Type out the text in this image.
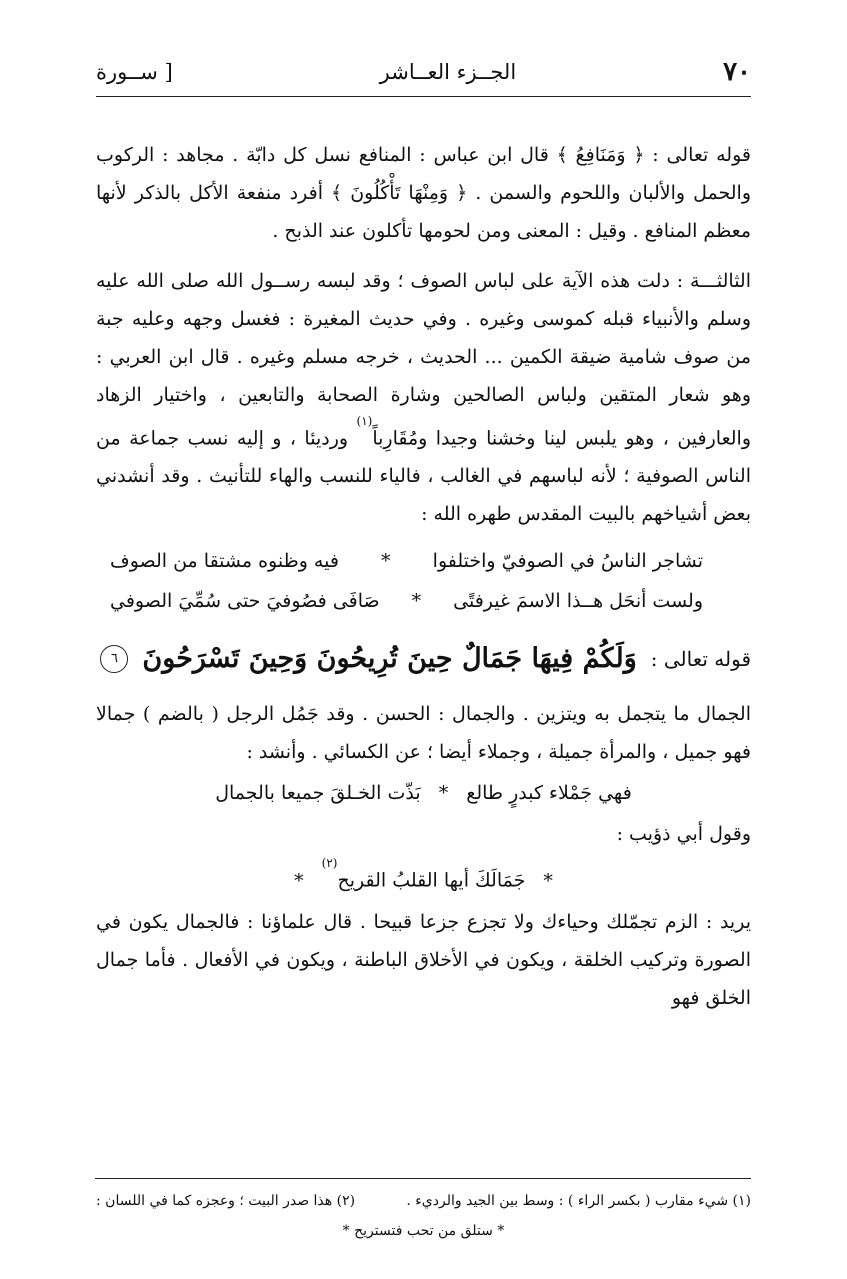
٧٠
الجــزء العــاشر
[ ســورة

قوله تعالى : ﴿ وَمَنَافِعُ ﴾ قال ابن عباس : المنافع نسل كل دابّة . مجاهد : الركوب والحمل والألبان واللحوم والسمن . ﴿ وَمِنْهَا تَأْكُلُونَ ﴾ أفرد منفعة الأكل بالذكر لأنها معظم المنافع . وقيل : المعنى ومن لحومها تأكلون عند الذبح .

الثالثـــة : دلت هذه الآية على لباس الصوف ؛ وقد لبسه رســول الله صلى الله عليه وسلم والأنبياء قبله كموسى وغيره . وفي حديث المغيرة : فغسل وجهه وعليه جبة من صوف شامية ضيقة الكمين ... الحديث ، خرجه مسلم وغيره . قال ابن العربي : وهو شعار المتقين ولباس الصالحين وشارة الصحابة والتابعين ، واختيار الزهاد والعارفين ، وهو يلبس لينا وخشنا وجيدا ومُقَارِباً$^{(١)}$ ورديئا ، و إليه نسب جماعة من الناس الصوفية ؛ لأنه لباسهم في الغالب ، فالياء للنسب والهاء للتأنيث . وقد أنشدني بعض أشياخهم بالبيت المقدس طهره الله :

تشاجر الناسُ في الصوفيّ واختلفوا
*
فيه وظنوه مشتقا من الصوف
ولست أنحَل هــذا الاسمَ غيرفتًى
*
صَافَى فصُوفيَ حتى سُمِّيَ الصوفي
قوله تعالى :
وَلَكُمْ فِيهَا جَمَالٌ حِينَ تُرِيحُونَ وَحِينَ تَسْرَحُونَ
٦

الجمال ما يتجمل به ويتزين . والجمال : الحسن . وقد جَمُل الرجل ( بالضم ) جمالا فهو جميل ، والمرأة جميلة ، وجملاء أيضا ؛ عن الكسائي . وأنشد :

فهي جَمْلاء كبدرٍ طالع * بَذّت الخـلقَ جميعا بالجمال

وقول أبي ذؤيب :

* جَمَالَكَ أيها القلبُ القريح$^{(٢)}$ *

يريد : الزم تجمّلك وحياءك ولا تجزع جزعا قبيحا . قال علماؤنا : فالجمال يكون في الصورة وتركيب الخلقة ، ويكون في الأخلاق الباطنة ، ويكون في الأفعال . فأما جمال الخلق فهو

(١) شيء مقارب ( بكسر الراء ) : وسط بين الجيد والرديء .
(٢) هذا صدر البيت ؛ وعجزه كما في اللسان :
* ستلق من تحب فتستريح *
